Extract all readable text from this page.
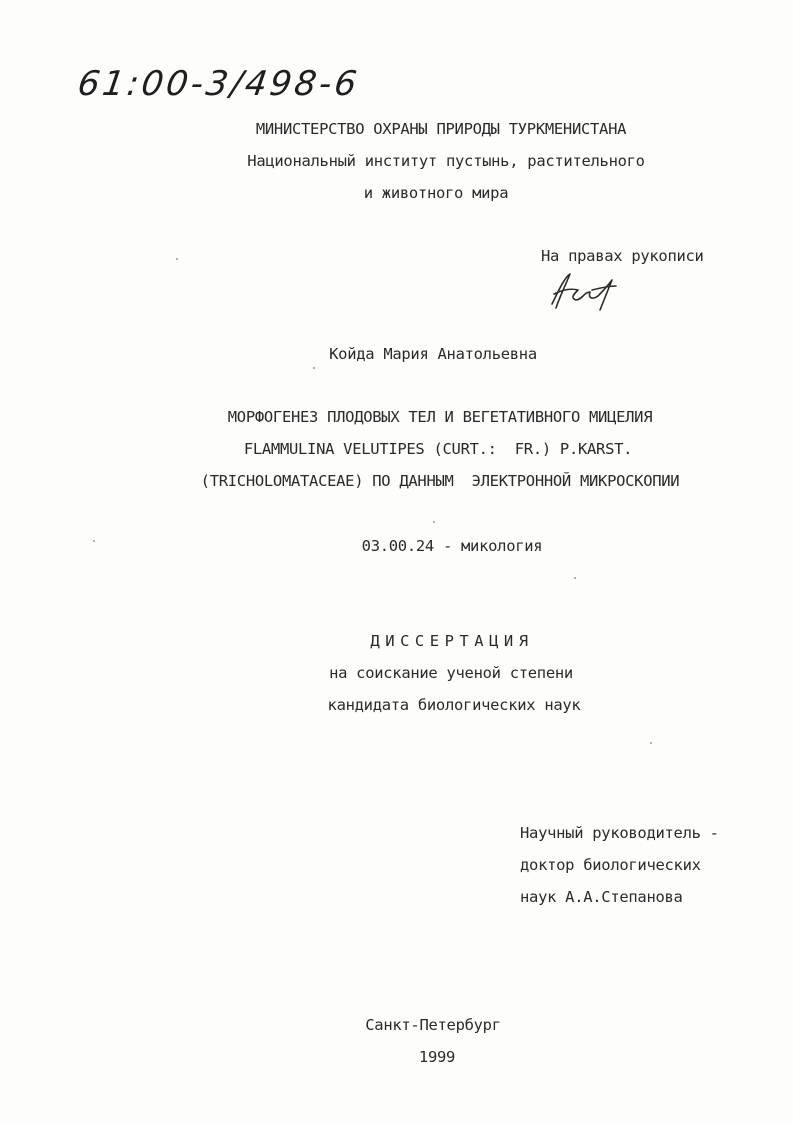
61:00-3/498-6
МИНИСТЕРСТВО ОХРАНЫ ПРИРОДЫ ТУРКМЕНИСТАНА
Национальный институт пустынь, растительного
и животного мира
На правах рукописи
Койда Мария Анатольевна
МОРФОГЕНЕЗ ПЛОДОВЫХ ТЕЛ И ВЕГЕТАТИВНОГО МИЦЕЛИЯ
FLAMMULINA VELUTIPES (CURT.:  FR.) P.KARST.
(TRICHOLOMATACEAE) ПО ДАННЫМ  ЭЛЕКТРОННОЙ МИКРОСКОПИИ
03.00.24 - микология
ДИССЕРТАЦИЯ
на соискание ученой степени
кандидата биологических наук
Научный руководитель -
доктор биологических
наук А.А.Степанова
Санкт-Петербург
1999
